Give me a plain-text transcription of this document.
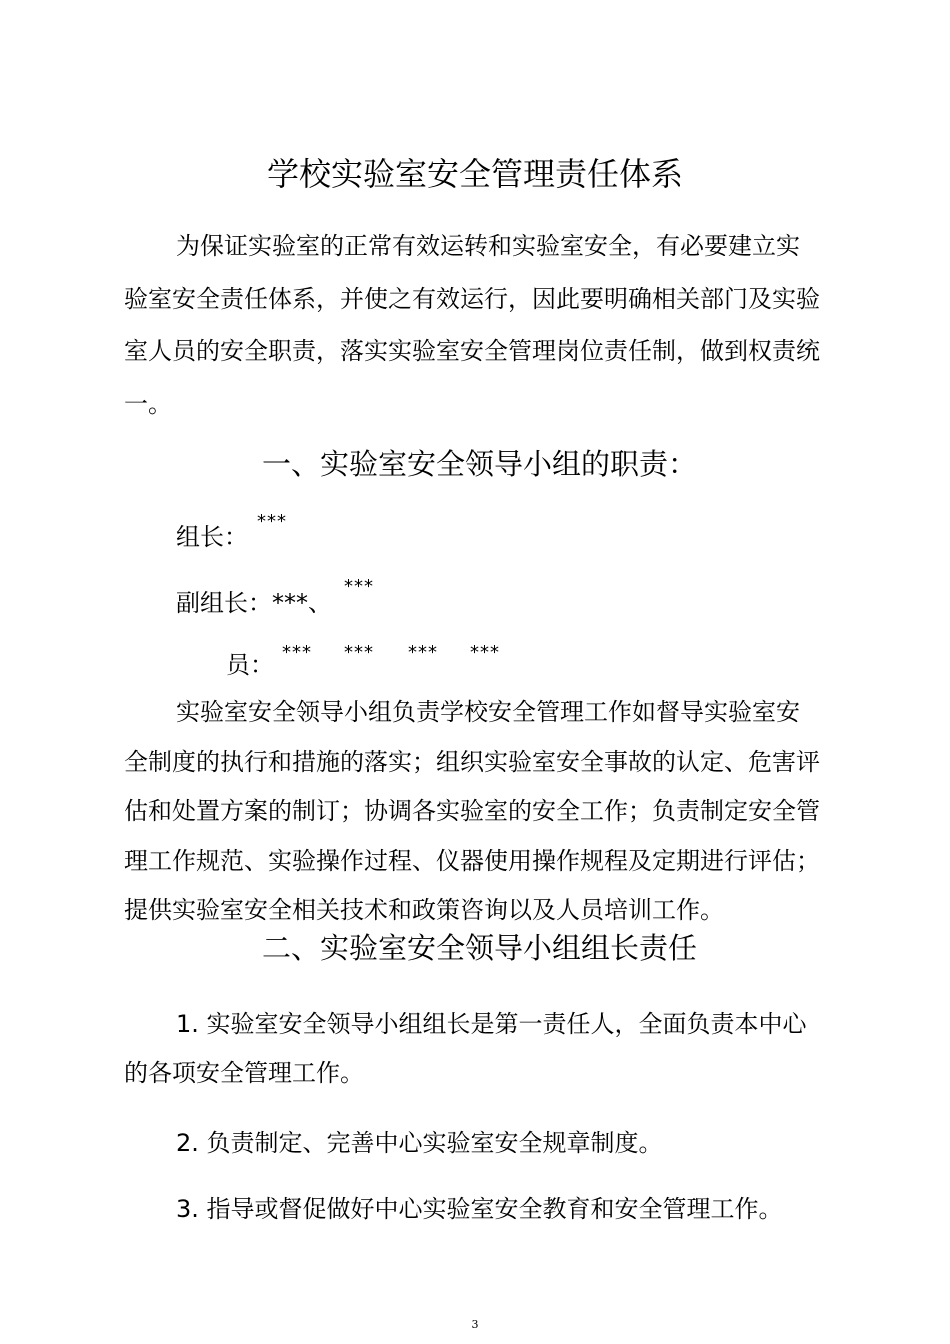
学校实验室安全管理责任体系
为保证实验室的正常有效运转和实验室安全，有必要建立实
验室安全责任体系，并使之有效运行，因此要明确相关部门及实验
室人员的安全职责，落实实验室安全管理岗位责任制，做到权责统
一。
一、实验室安全领导小组的职责：
组长：
***
副组长： ***、
***
员： *** *** *** ***
实验室安全领导小组负责学校安全管理工作如督导实验室安
全制度的执行和措施的落实；组织实验室安全事故的认定、危害评
估和处置方案的制订；协调各实验室的安全工作；负责制定安全管
理工作规范、实验操作过程、仪器使用操作规程及定期进行评估；
提供实验室安全相关技术和政策咨询以及人员培训工作。
二、实验室安全领导小组组长责任
1. 实验室安全领导小组组长是第一责任人，全面负责本中心
的各项安全管理工作。
2. 负责制定、完善中心实验室安全规章制度。
3. 指导或督促做好中心实验室安全教育和安全管理工作。
3
